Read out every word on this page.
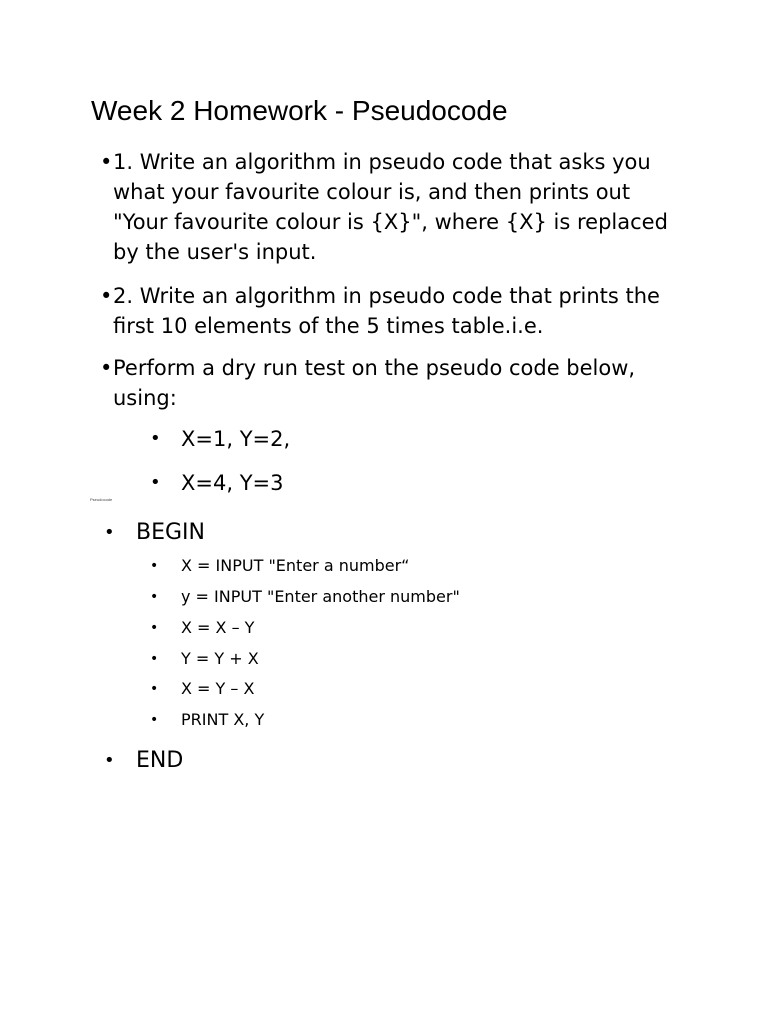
Week 2 Homework - Pseudocode
• 1. Write an algorithm in pseudo code that asks you what your favourite colour is, and then prints out "Your favourite colour is {X}", where {X} is replaced by the user's input.
• 2. Write an algorithm in pseudo code that prints the first 10 elements of the 5 times table.i.e.
• Perform a dry run test on the pseudo code below, using:
• X=1, Y=2,
• X=4, Y=3
Pseudocode
• BEGIN
•	X = INPUT "Enter a number“
•	y = INPUT "Enter another number"
•	X = X – Y
•	Y = Y + X
•	X = Y – X
•	PRINT X, Y
• END
